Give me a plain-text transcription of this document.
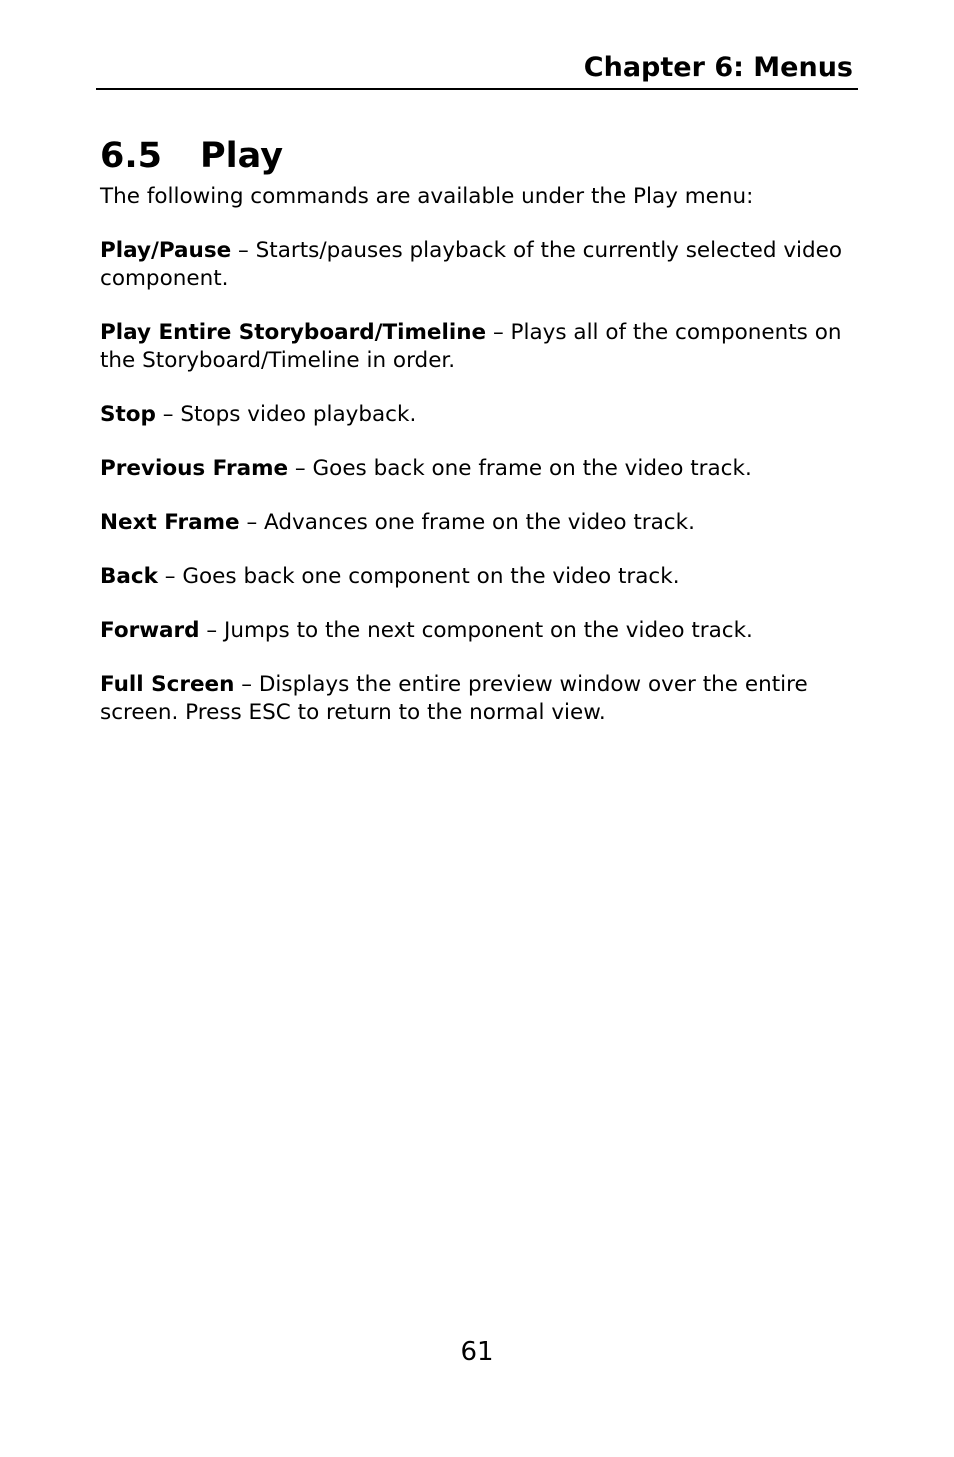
Chapter 6: Menus
6.5 Play

The following commands are available under the Play menu:

Play/Pause – Starts/pauses playback of the currently selected video component.

Play Entire Storyboard/Timeline – Plays all of the components on the Storyboard/Timeline in order.

Stop – Stops video playback.

Previous Frame – Goes back one frame on the video track.

Next Frame – Advances one frame on the video track.

Back – Goes back one component on the video track.

Forward – Jumps to the next component on the video track.

Full Screen – Displays the entire preview window over the entire screen. Press ESC to return to the normal view.

61
